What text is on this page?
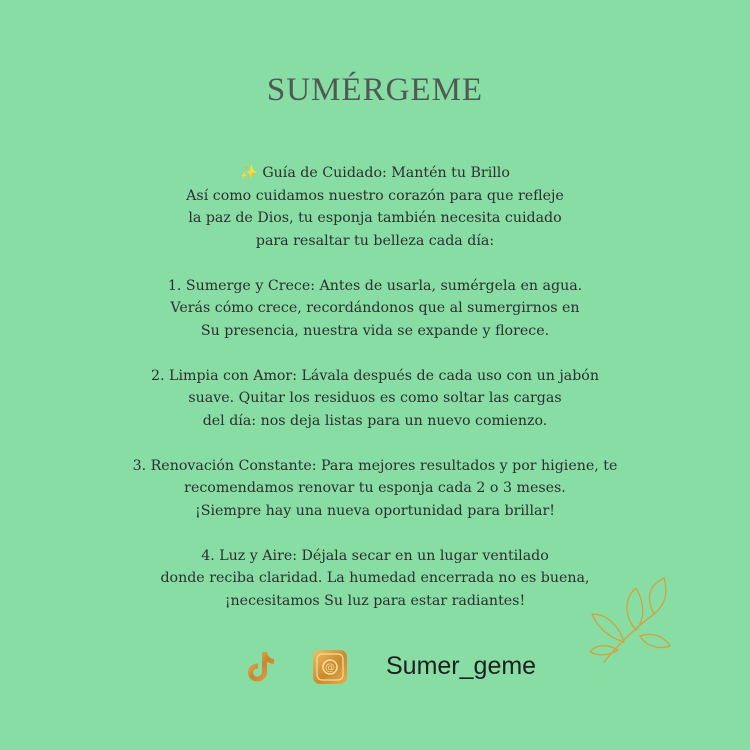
SUMÉRGEME
✨ Guía de Cuidado: Mantén tu Brillo
Así como cuidamos nuestro corazón para que refleje
la paz de Dios, tu esponja también necesita cuidado
para resaltar tu belleza cada día:
1. Sumerge y Crece: Antes de usarla, sumérgela en agua.
Verás cómo crece, recordándonos que al sumergirnos en
Su presencia, nuestra vida se expande y florece.
2. Limpia con Amor: Lávala después de cada uso con un jabón
suave. Quitar los residuos es como soltar las cargas
del día: nos deja listas para un nuevo comienzo.
3. Renovación Constante: Para mejores resultados y por higiene, te
recomendamos renovar tu esponja cada 2 o 3 meses.
¡Siempre hay una nueva oportunidad para brillar!
4. Luz y Aire: Déjala secar en un lugar ventilado
donde reciba claridad. La humedad encerrada no es buena,
¡necesitamos Su luz para estar radiantes!
@ Sumer_geme
